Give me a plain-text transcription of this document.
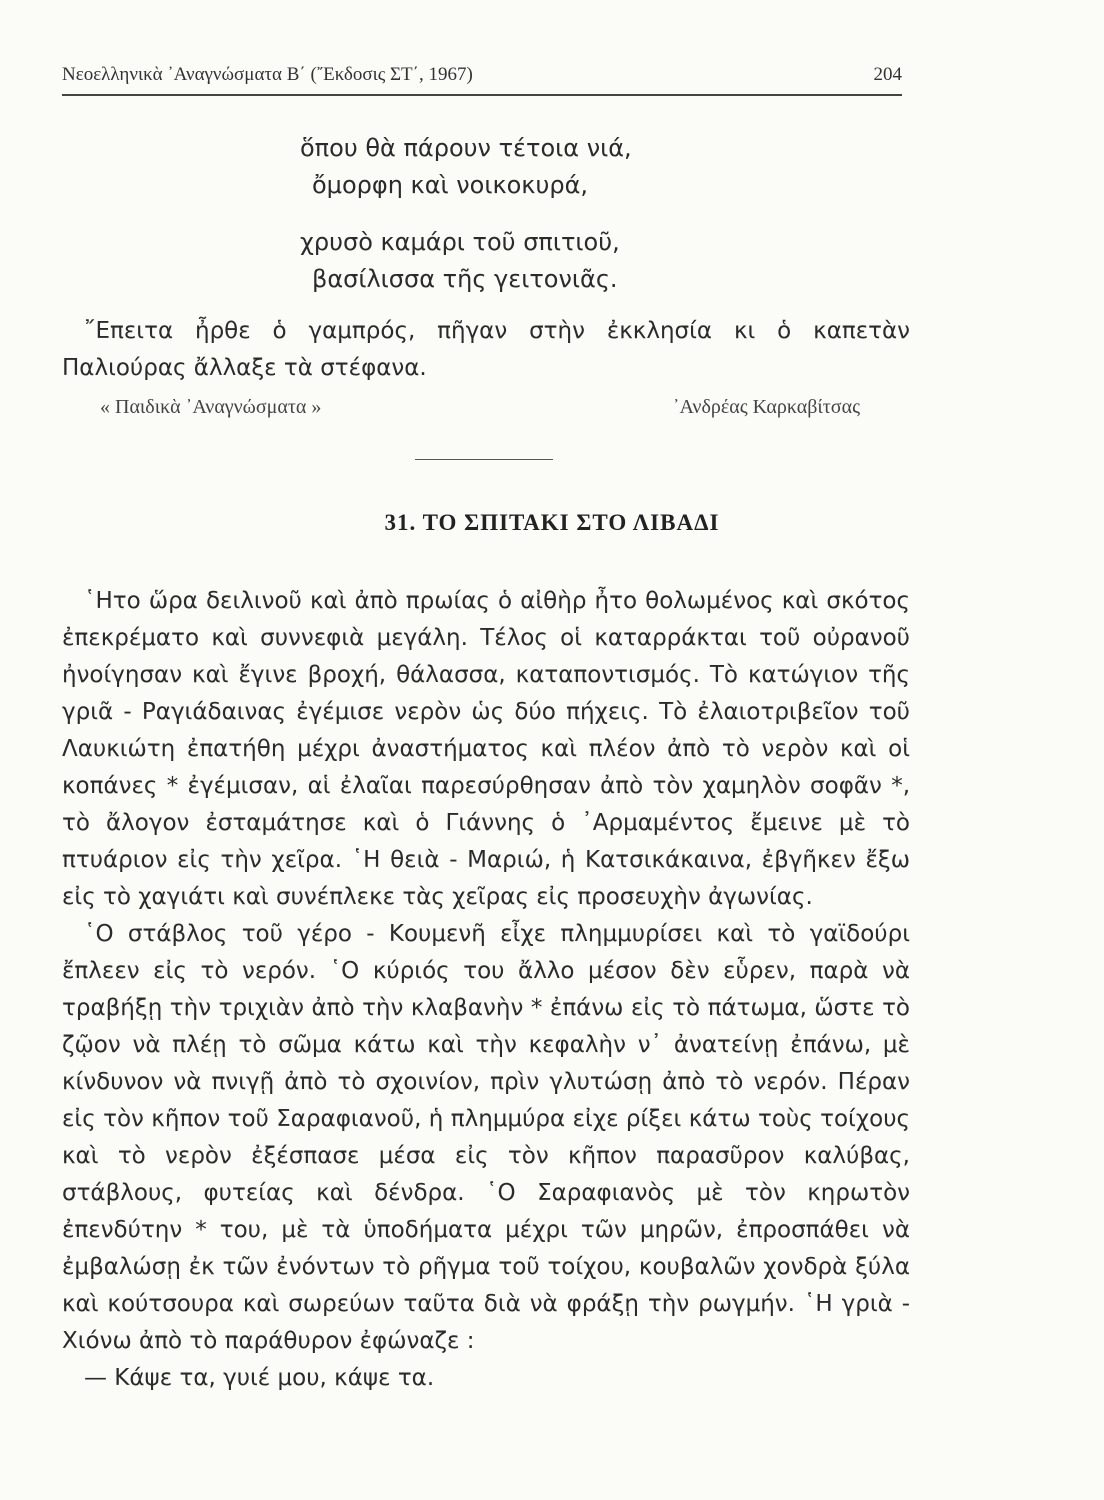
Νεοελληνικὰ ᾿Αναγνώσματα Β΄ (῎Εκδοσις ΣΤ΄, 1967)	204
ὅπου θὰ πάρουν τέτοια νιά,
ὄμορφη καὶ νοικοκυρά,
χρυσὸ καμάρι τοῦ σπιτιοῦ,
βασίλισσα τῆς γειτονιᾶς.

῎Επειτα ἦρθε ὁ γαμπρός, πῆγαν στὴν ἐκκλησία κι ὁ καπετὰν Παλιούρας ἄλλαξε τὰ στέφανα.

« Παιδικὰ ᾿Αναγνώσματα »	᾿Ανδρέας Καρκαβίτσας
31. ΤΟ ΣΠΙΤΑΚΙ ΣΤΟ ΛΙΒΑΔΙ

῾Ητο ὥρα δειλινοῦ καὶ ἀπὸ πρωίας ὁ αἰθὴρ ἦτο θολωμένος καὶ σκότος ἐπεκρέματο καὶ συννεφιὰ μεγάλη. Τέλος οἱ καταρράκται τοῦ οὐρανοῦ ἠνοίγησαν καὶ ἔγινε βροχή, θάλασσα, καταποντισμός. Τὸ κατώγιον τῆς γριᾶ - Ραγιάδαινας ἐγέμισε νερὸν ὡς δύο πήχεις. Τὸ ἐλαιοτριβεῖον τοῦ Λαυκιώτη ἐπατήθη μέχρι ἀναστήματος καὶ πλέον ἀπὸ τὸ νερὸν καὶ οἱ κοπάνες * ἐγέμισαν, αἱ ἐλαῖαι παρεσύρθησαν ἀπὸ τὸν χαμηλὸν σοφᾶν *, τὸ ἄλογον ἐσταμάτησε καὶ ὁ Γιάννης ὁ ᾿Αρμαμέντος ἔμεινε μὲ τὸ πτυάριον εἰς τὴν χεῖρα. ῾Η θειὰ - Μαριώ, ἡ Κατσικάκαινα, ἐβγῆκεν ἔξω εἰς τὸ χαγιάτι καὶ συνέπλεκε τὰς χεῖρας εἰς προσευχὴν ἀγωνίας.

῾Ο στάβλος τοῦ γέρο - Κουμενῆ εἶχε πλημμυρίσει καὶ τὸ γαϊδούρι ἔπλεεν εἰς τὸ νερόν. ῾Ο κύριός του ἄλλο μέσον δὲν εὗρεν, παρὰ νὰ τραβήξῃ τὴν τριχιὰν ἀπὸ τὴν κλαβανὴν * ἐπάνω εἰς τὸ πάτωμα, ὥστε τὸ ζῷον νὰ πλέῃ τὸ σῶμα κάτω καὶ τὴν κεφαλὴν ν᾿ ἀνατείνῃ ἐπάνω, μὲ κίνδυνον νὰ πνιγῇ ἀπὸ τὸ σχοινίον, πρὶν γλυτώσῃ ἀπὸ τὸ νερόν. Πέραν εἰς τὸν κῆπον τοῦ Σαραφιανοῦ, ἡ πλημμύρα εἰχε ρίξει κάτω τοὺς τοίχους καὶ τὸ νερὸν ἐξέσπασε μέσα εἰς τὸν κῆπον παρασῦρον καλύβας, στάβλους, φυτείας καὶ δένδρα. ῾Ο Σαραφιανὸς μὲ τὸν κηρωτὸν ἐπενδύτην * του, μὲ τὰ ὑποδήματα μέχρι τῶν μηρῶν, ἐπροσπάθει νὰ ἐμβαλώσῃ ἐκ τῶν ἐνόντων τὸ ρῆγμα τοῦ τοίχου, κουβαλῶν χονδρὰ ξύλα καὶ κούτσουρα καὶ σωρεύων ταῦτα διὰ νὰ φράξῃ τὴν ρωγμήν. ῾Η γριὰ - Χιόνω ἀπὸ τὸ παράθυρον ἐφώναζε :

— Κάψε τα, γυιέ μου, κάψε τα.
